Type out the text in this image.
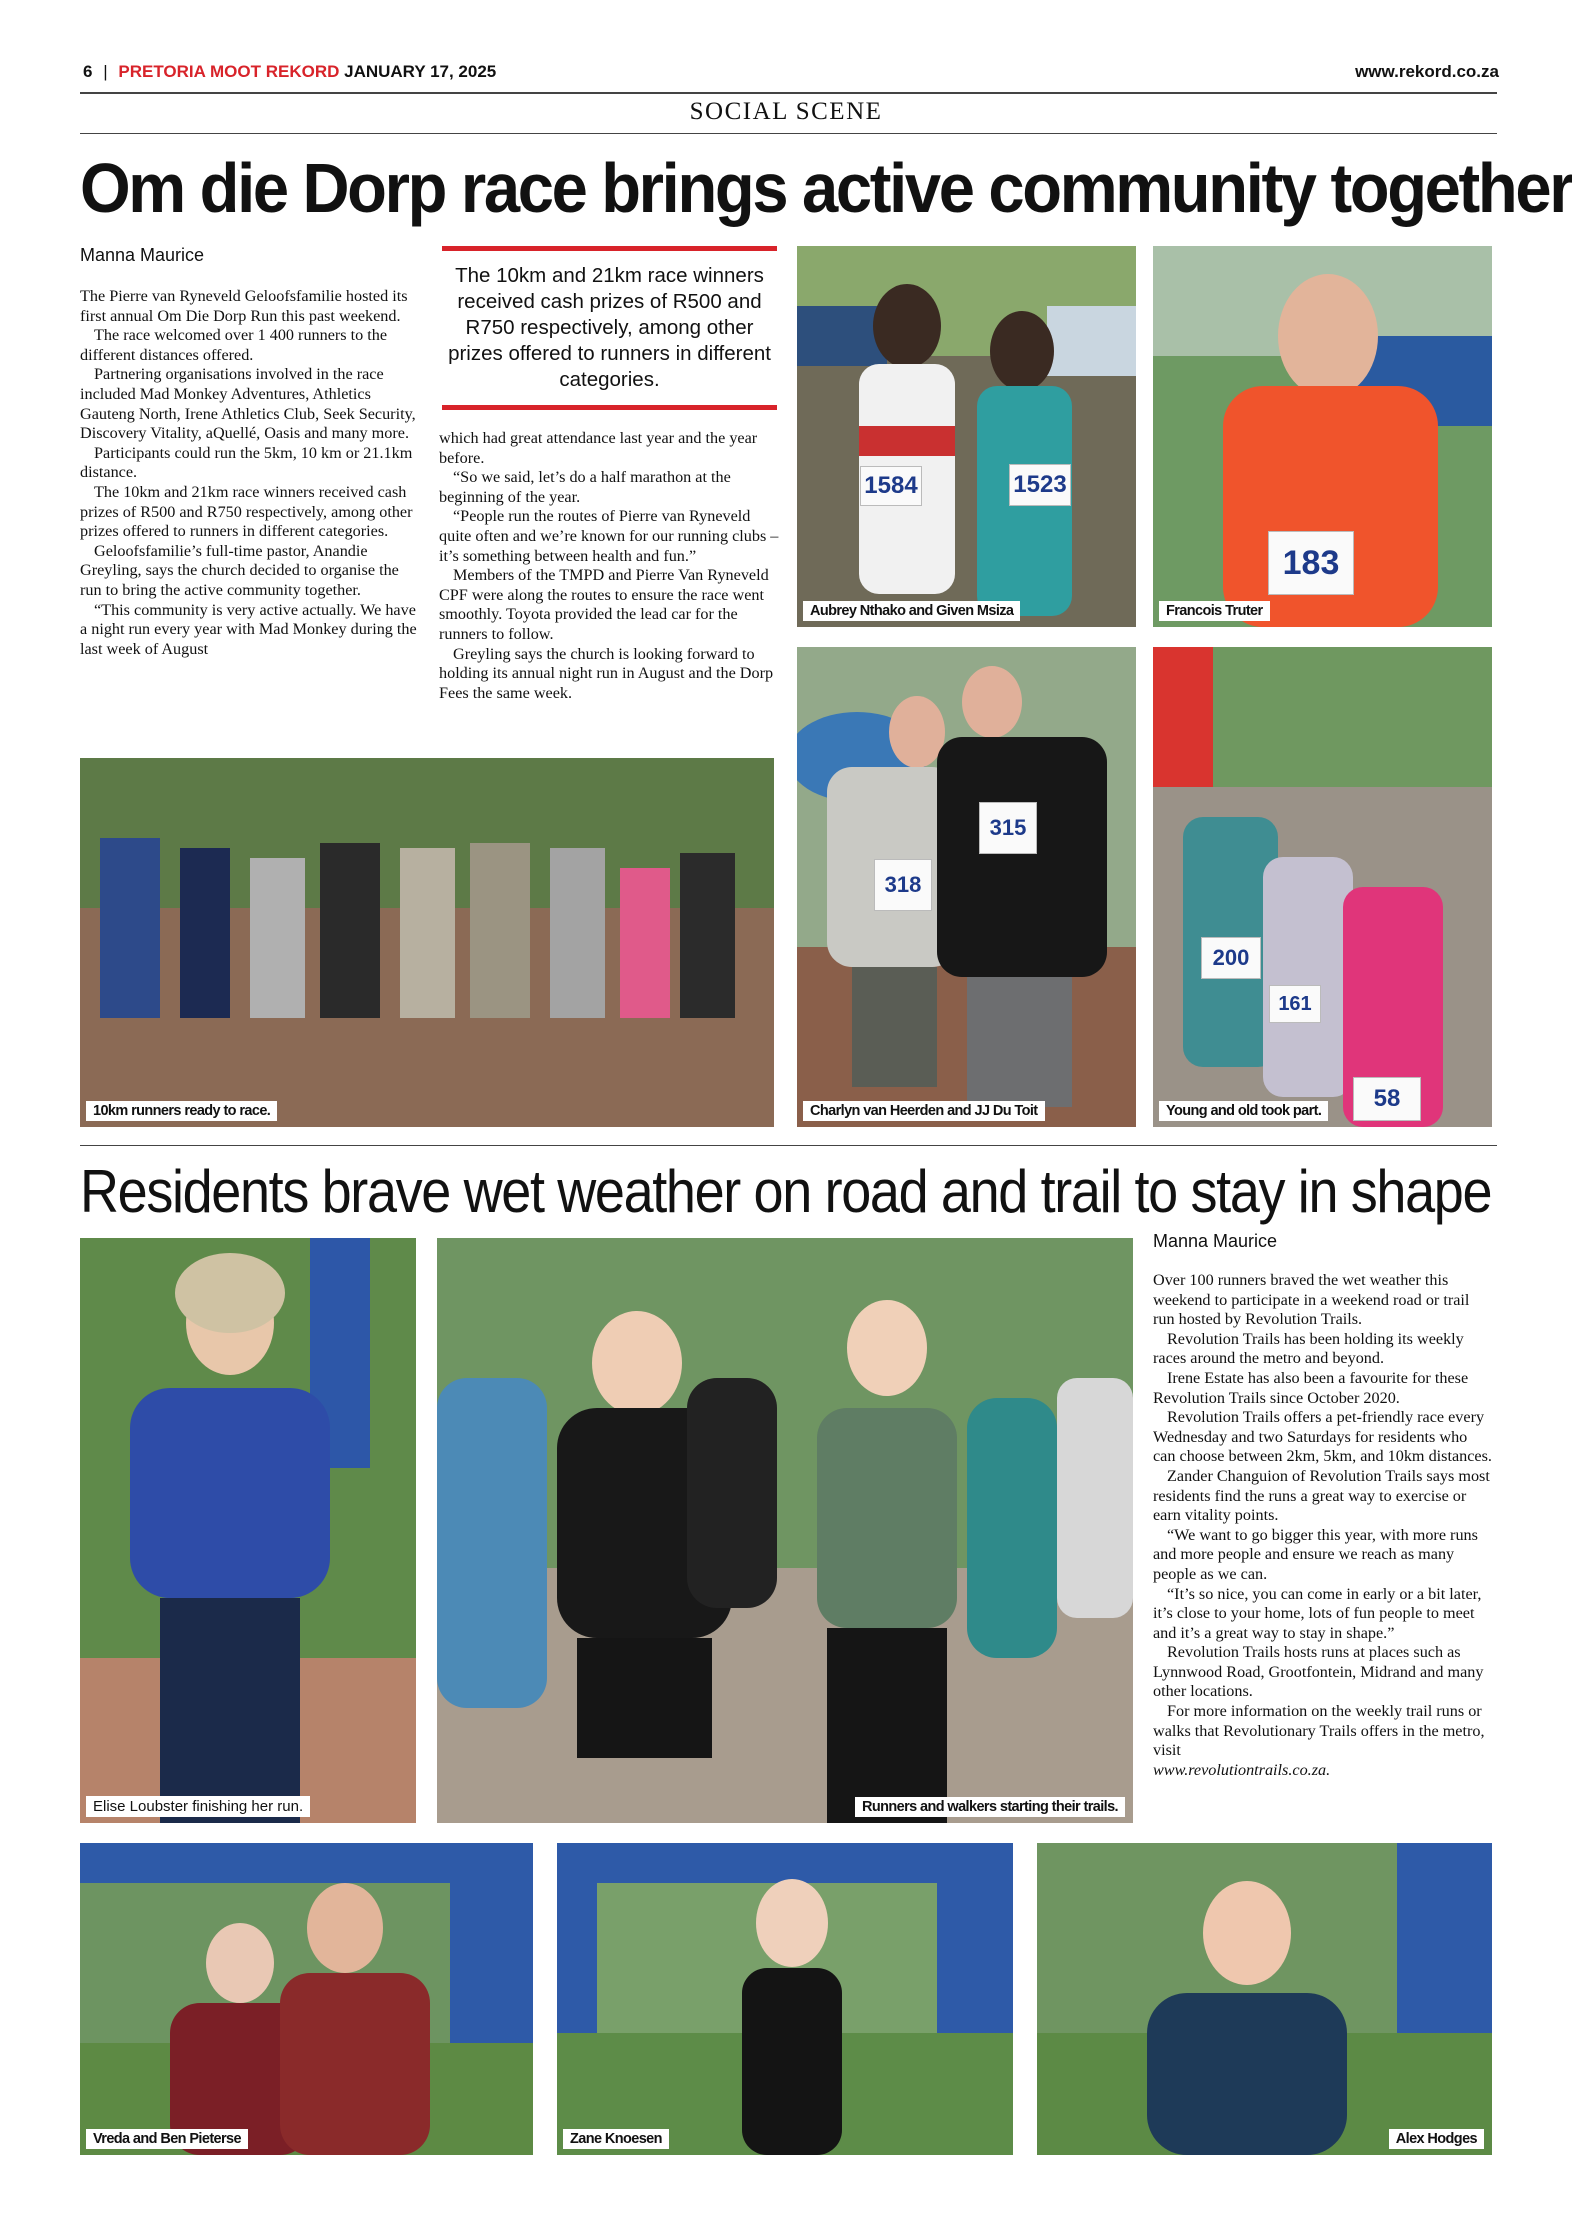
6 | PRETORIA MOOT REKORD JANUARY 17, 2025	www.rekord.co.za
SOCIAL SCENE
Om die Dorp race brings active community together
Manna Maurice

The Pierre van Ryneveld Geloofsfamilie hosted its first annual Om Die Dorp Run this past weekend.

The race welcomed over 1 400 runners to the different distances offered.

Partnering organisations involved in the race included Mad Monkey Adventures, Athletics Gauteng North, Irene Athletics Club, Seek Security, Discovery Vitality, aQuellé, Oasis and many more.

Participants could run the 5km, 10 km or 21.1km distance.

The 10km and 21km race winners received cash prizes of R500 and R750 respectively, among other prizes offered to runners in different categories.

Geloofsfamilie’s full-time pastor, Anandie Greyling, says the church decided to organise the run to bring the active community together.

“This community is very active actually. We have a night run every year with Mad Monkey during the last week of August

The 10km and 21km race winners received cash prizes of R500 and R750 respectively, among other prizes offered to runners in different categories.

which had great attendance last year and the year before.

“So we said, let’s do a half marathon at the beginning of the year.

“People run the routes of Pierre van Ryneveld quite often and we’re known for our running clubs – it’s something between health and fun.”

Members of the TMPD and Pierre Van Ryneveld CPF were along the routes to ensure the race went smoothly. Toyota provided the lead car for the runners to follow.

Greyling says the church is looking forward to holding its annual night run in August and the Dorp Fees the same week.

1584	1523
Aubrey Nthako and Given Msiza
183
Francois Truter
10km runners ready to race.
318
315
Charlyn van Heerden and JJ Du Toit
200
161
58
Young and old took part.
Residents brave wet weather on road and trail to stay in shape
Manna Maurice

Over 100 runners braved the wet weather this weekend to participate in a weekend road or trail run hosted by Revolution Trails.

Revolution Trails has been holding its weekly races around the metro and beyond.

Irene Estate has also been a favourite for these Revolution Trails since October 2020.

Revolution Trails offers a pet-friendly race every Wednesday and two Saturdays for residents who can choose between 2km, 5km, and 10km distances.

Zander Changuion of Revolution Trails says most residents find the runs a great way to exercise or earn vitality points.

“We want to go bigger this year, with more runs and more people and ensure we reach as many people as we can.

“It’s so nice, you can come in early or a bit later, it’s close to your home, lots of fun people to meet and it’s a great way to stay in shape.”

Revolution Trails hosts runs at places such as Lynnwood Road, Grootfontein, Midrand and many other locations.

For more information on the weekly trail runs or walks that Revolutionary Trails offers in the metro, visit

www.revolutiontrails.co.za.
Elise Loubster finishing her run.	Runners and walkers starting their trails.
Vreda and Ben Pieterse	Zane Knoesen	Alex Hodges
